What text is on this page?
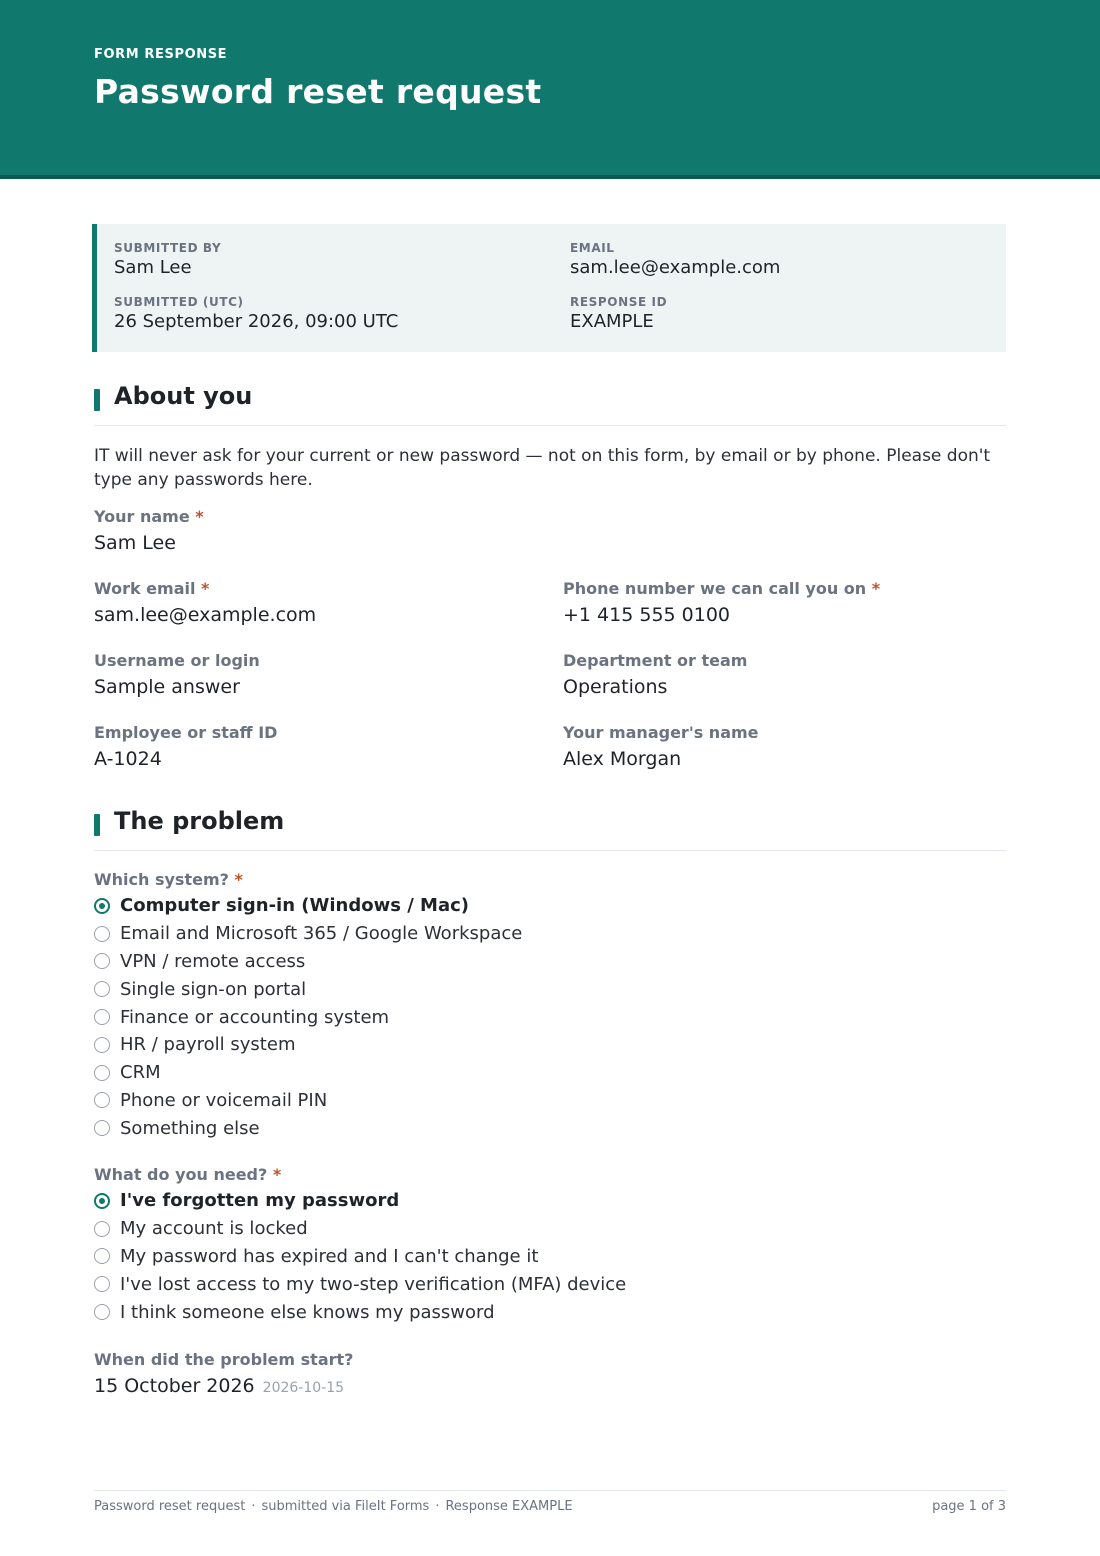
FORM RESPONSE
Password reset request
SUBMITTED BY
Sam Lee
EMAIL
sam.lee@example.com
SUBMITTED (UTC)
26 September 2026, 09:00 UTC
RESPONSE ID
EXAMPLE
About you
IT will never ask for your current or new password — not on this form, by email or by phone. Please don't type any passwords here.
Your name *
Sam Lee
Work email *
sam.lee@example.com
Phone number we can call you on *
+1 415 555 0100
Username or login
Sample answer
Department or team
Operations
Employee or staff ID
A-1024
Your manager's name
Alex Morgan
The problem
Which system? *
Computer sign-in (Windows / Mac)
Email and Microsoft 365 / Google Workspace
VPN / remote access
Single sign-on portal
Finance or accounting system
HR / payroll system
CRM
Phone or voicemail PIN
Something else
What do you need? *
I've forgotten my password
My account is locked
My password has expired and I can't change it
I've lost access to my two-step verification (MFA) device
I think someone else knows my password
When did the problem start?
15 October 2026 2026-10-15
Password reset request · submitted via FileIt Forms · Response EXAMPLE	page 1 of 3
